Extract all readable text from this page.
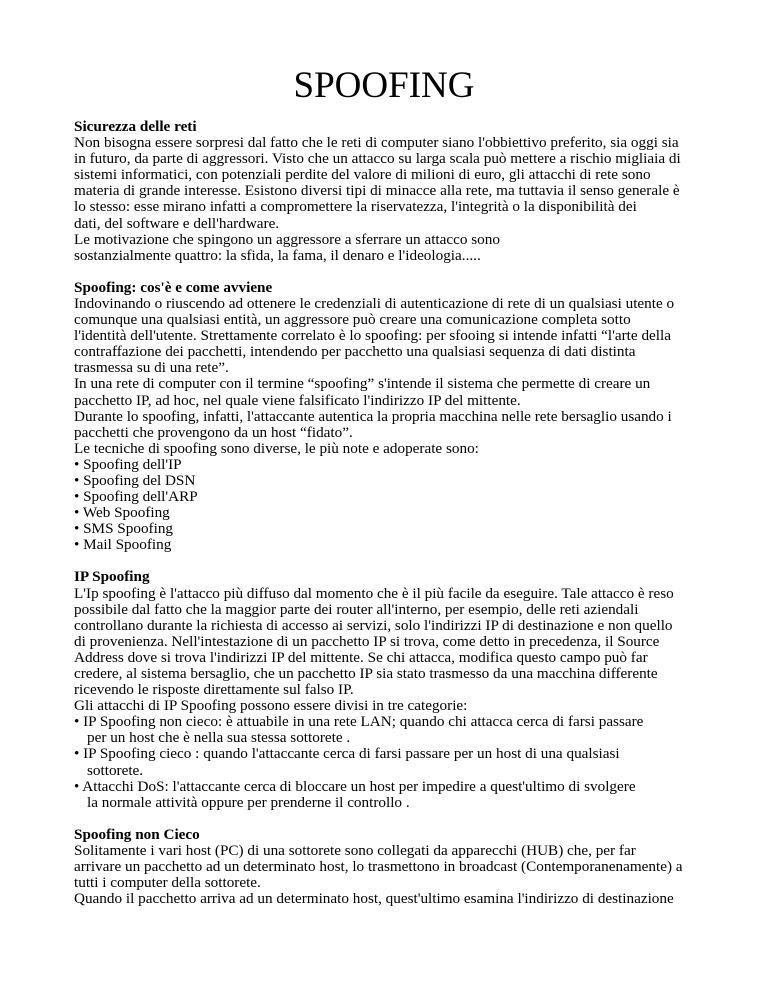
SPOOFING
Sicurezza delle reti
Non bisogna essere sorpresi dal fatto che le reti di computer siano l'obbiettivo preferito, sia oggi sia
in futuro, da parte di aggressori. Visto che un attacco su larga scala può mettere a rischio migliaia di
sistemi informatici, con potenziali perdite del valore di milioni di euro, gli attacchi di rete sono
materia di grande interesse. Esistono diversi tipi di minacce alla rete, ma tuttavia il senso generale è
lo stesso: esse mirano infatti a compromettere la riservatezza, l'integrità o la disponibilità dei
dati, del software e dell'hardware.
Le motivazione che spingono un aggressore a sferrare un attacco sono
sostanzialmente quattro: la sfida, la fama, il denaro e l'ideologia.....
Spoofing: cos'è e come avviene
Indovinando o riuscendo ad ottenere le credenziali di autenticazione di rete di un qualsiasi utente o
comunque una qualsiasi entità, un aggressore può creare una comunicazione completa sotto
l'identità dell'utente. Strettamente correlato è lo spoofing: per sfooing si intende infatti “l'arte della
contraffazione dei pacchetti, intendendo per pacchetto una qualsiasi sequenza di dati distinta
trasmessa su di una rete”.
In una rete di computer con il termine “spoofing” s'intende il sistema che permette di creare un
pacchetto IP, ad hoc, nel quale viene falsificato l'indirizzo IP del mittente.
Durante lo spoofing, infatti, l'attaccante autentica la propria macchina nelle rete bersaglio usando i
pacchetti che provengono da un host “fidato”.
Le tecniche di spoofing sono diverse, le più note e adoperate sono:
• Spoofing dell'IP
• Spoofing del DSN
• Spoofing dell'ARP
• Web Spoofing
• SMS Spoofing
• Mail Spoofing
IP Spoofing
L'Ip spoofing è l'attacco più diffuso dal momento che è il più facile da eseguire. Tale attacco è reso
possibile dal fatto che la maggior parte dei router all'interno, per esempio, delle reti aziendali
controllano durante la richiesta di accesso ai servizi, solo l'indirizzi IP di destinazione e non quello
di provenienza. Nell'intestazione di un pacchetto IP si trova, come detto in precedenza, il Source
Address dove si trova l'indirizzi IP del mittente. Se chi attacca, modifica questo campo può far
credere, al sistema bersaglio, che un pacchetto IP sia stato trasmesso da una macchina differente
ricevendo le risposte direttamente sul falso IP.
Gli attacchi di IP Spoofing possono essere divisi in tre categorie:
• IP Spoofing non cieco: è attuabile in una rete LAN; quando chi attacca cerca di farsi passare
per un host che è nella sua stessa sottorete .
• IP Spoofing cieco : quando l'attaccante cerca di farsi passare per un host di una qualsiasi
sottorete.
• Attacchi DoS: l'attaccante cerca di bloccare un host per impedire a quest'ultimo di svolgere
la normale attività oppure per prenderne il controllo .
Spoofing non Cieco
Solitamente i vari host (PC) di una sottorete sono collegati da apparecchi (HUB) che, per far
arrivare un pacchetto ad un determinato host, lo trasmettono in broadcast (Contemporanenamente) a
tutti i computer della sottorete.
Quando il pacchetto arriva ad un determinato host, quest'ultimo esamina l'indirizzo di destinazione
